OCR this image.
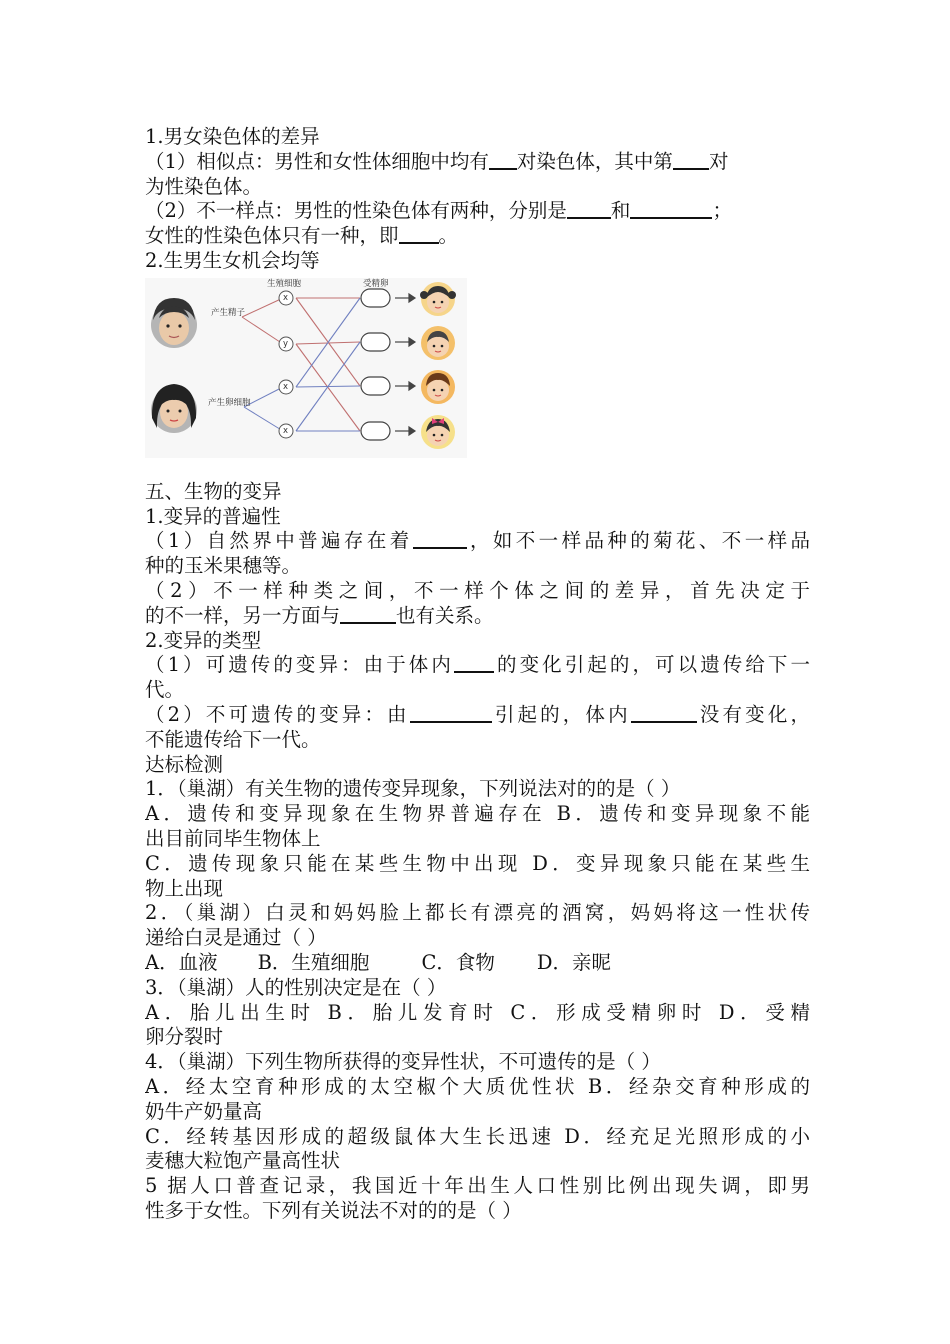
1.男女染色体的差异
（1）相似点：男性和女性体细胞中均有 对染色体，其中第 对
为性染色体。
（2）不一样点：男性的性染色体有两种，分别是 和	；
女性的性染色体只有一种，即 。
2.生男生女机会均等
产生精子
产生卵细胞
生殖细胞	受精卵
x
y
x
x
五、生物的变异
1.变异的普遍性
（1）自然界中普遍存在着	，如不一样品种的菊花、不一样品
种的玉米果穗等。
（2）不一样种类之间，不一样个体之间的差异，首先决定于
的不一样，另一方面与	也有关系。
2.变异的类型
（1）可遗传的变异：由于体内 的变化引起的，可以遗传给下一
代。
（2）不可遗传的变异：由	引起的，体内	没有变化，
不能遗传给下一代。
达标检测
1．（巢湖）有关生物的遗传变异现象，下列说法对的的是（ ）
A．遗传和变异现象在生物界普遍存在 B．遗传和变异现象不能
出目前同毕生物体上
C．遗传现象只能在某些生物中出现 D．变异现象只能在某些生
物上出现
2．（巢湖）白灵和妈妈脸上都长有漂亮的酒窝，妈妈将这一性状传
递给白灵是通过（ ）
A．血液 B．生殖细胞	C．食物 D．亲昵
3．（巢湖）人的性别决定是在（ ）
A．胎儿出生时 B．胎儿发育时 C．形成受精卵时 D．受精
卵分裂时
4．（巢湖）下列生物所获得的变异性状，不可遗传的是（ ）
A．经太空育种形成的太空椒个大质优性状 B．经杂交育种形成的
奶牛产奶量高
C．经转基因形成的超级鼠体大生长迅速 D．经充足光照形成的小
麦穗大粒饱产量高性状
5 据人口普查记录，我国近十年出生人口性别比例出现失调，即男
性多于女性。下列有关说法不对的的是（ ）
